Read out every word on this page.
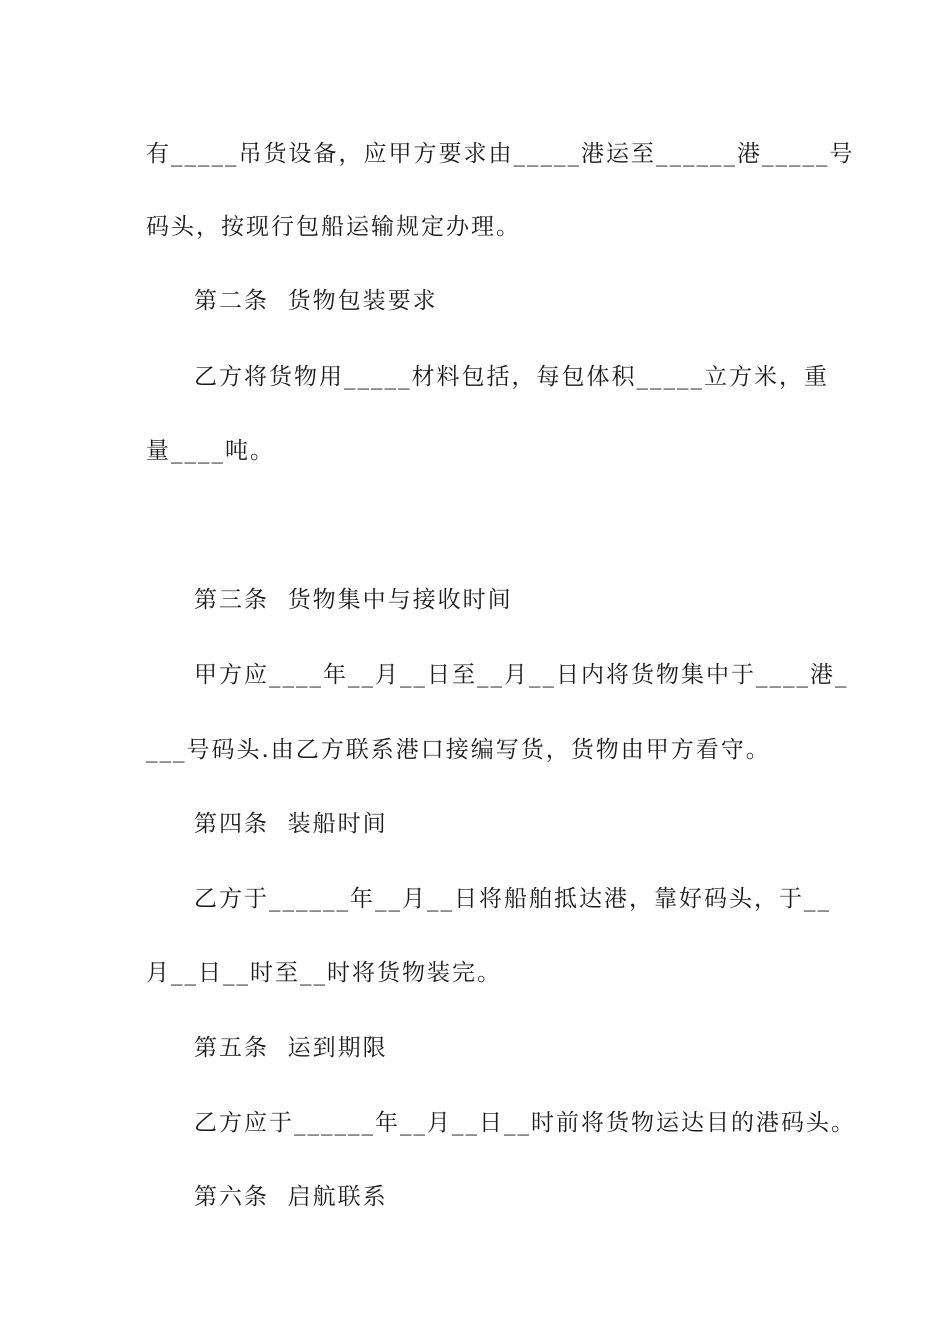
有_____吊货设备，应甲方要求由_____港运至______港_____号

码头，按现行包船运输规定办理。

第二条  货物包装要求

乙方将货物用_____材料包括，每包体积_____立方米，重

量____吨。

第三条  货物集中与接收时间

甲方应____年__月__日至__月__日内将货物集中于____港_

___号码头.由乙方联系港口接编写货，货物由甲方看守。

第四条  装船时间

乙方于______年__月__日将船舶抵达港，靠好码头，于__

月__日__时至__时将货物装完。

第五条  运到期限

乙方应于______年__月__日__时前将货物运达目的港码头。

第六条  启航联系
